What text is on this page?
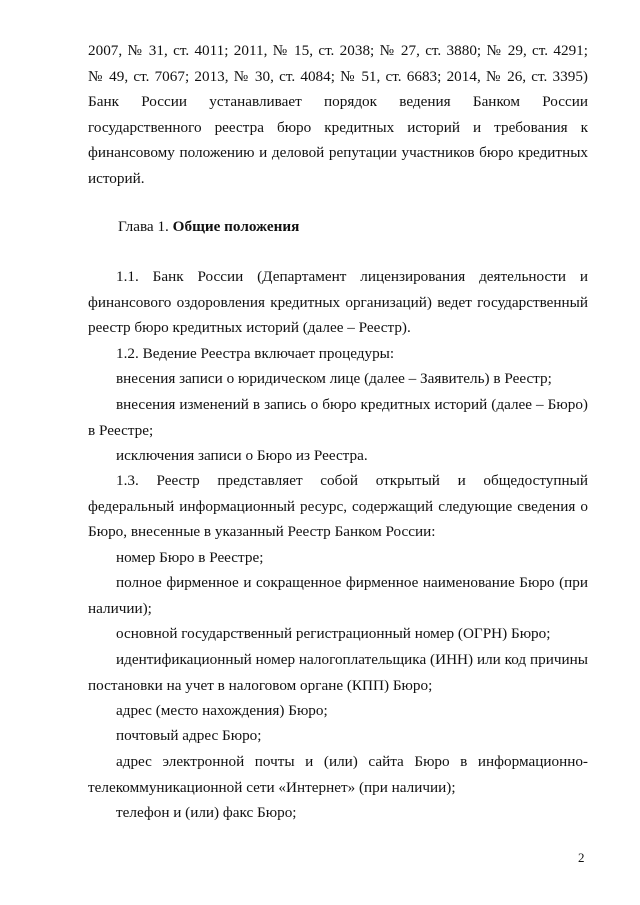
2007, № 31, ст. 4011; 2011, № 15, ст. 2038; № 27, ст. 3880; № 29, ст. 4291;

№ 49, ст. 7067; 2013, № 30, ст. 4084; № 51, ст. 6683; 2014, № 26, ст. 3395)

Банк России устанавливает порядок ведения Банком России государственного реестра бюро кредитных историй и требования к финансовому положению и деловой репутации участников бюро кредитных историй.

Глава 1. Общие положения

1.1. Банк России (Департамент лицензирования деятельности и финансового оздоровления кредитных организаций) ведет государственный реестр бюро кредитных историй (далее – Реестр).

1.2. Ведение Реестра включает процедуры:

внесения записи о юридическом лице (далее – Заявитель) в Реестр;

внесения изменений в запись о бюро кредитных историй (далее – Бюро) в Реестре;

исключения записи о Бюро из Реестра.

1.3. Реестр представляет собой открытый и общедоступный федеральный информационный ресурс, содержащий следующие сведения о Бюро, внесенные в указанный Реестр Банком России:

номер Бюро в Реестре;

полное фирменное и сокращенное фирменное наименование Бюро (при наличии);

основной государственный регистрационный номер (ОГРН) Бюро;

идентификационный номер налогоплательщика (ИНН) или код причины постановки на учет в налоговом органе (КПП) Бюро;

адрес (место нахождения) Бюро;

почтовый адрес Бюро;

адрес электронной почты и (или) сайта Бюро в информационно-телекоммуникационной сети «Интернет» (при наличии);

телефон и (или) факс Бюро;

2
